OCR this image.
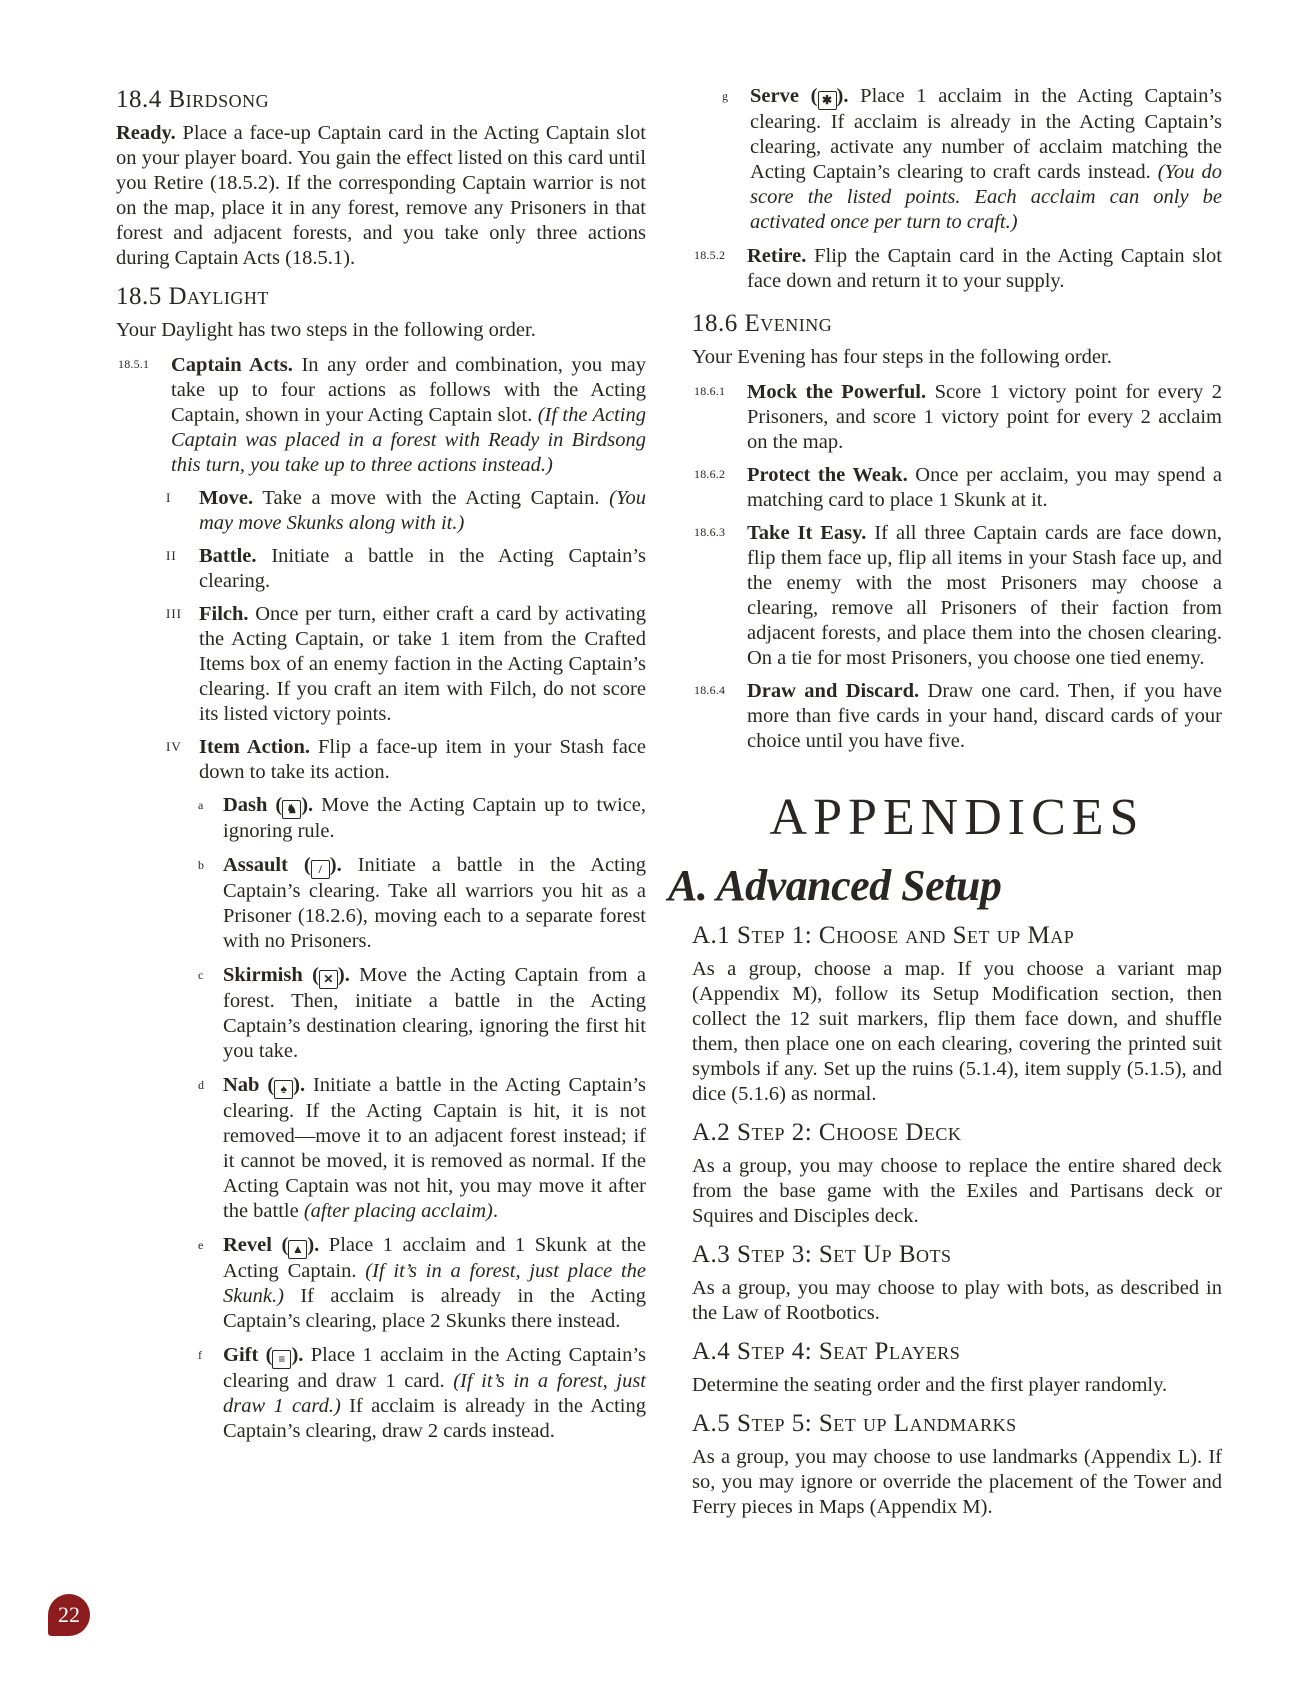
18.4 Birdsong

Ready. Place a face-up Captain card in the Acting Captain slot on your player board. You gain the effect listed on this card until you Retire (18.5.2). If the corresponding Captain warrior is not on the map, place it in any forest, remove any Prisoners in that forest and adjacent forests, and you take only three actions during Captain Acts (18.5.1).

18.5 Daylight

Your Daylight has two steps in the following order.

18.5.1 Captain Acts. In any order and combination, you may take up to four actions as follows with the Acting Captain, shown in your Acting Captain slot. (If the Acting Captain was placed in a forest with Ready in Birdsong this turn, you take up to three actions instead.)

I Move. Take a move with the Acting Captain. (You may move Skunks along with it.)

II Battle. Initiate a battle in the Acting Captain’s clearing.

III Filch. Once per turn, either craft a card by activating the Acting Captain, or take 1 item from the Crafted Items box of an enemy faction in the Acting Captain’s clearing. If you craft an item with Filch, do not score its listed victory points.

IV Item Action. Flip a face-up item in your Stash face down to take its action.

a Dash ( ♞ ). Move the Acting Captain up to twice, ignoring rule.

b Assault ( / ). Initiate a battle in the Acting Captain’s clearing. Take all warriors you hit as a Prisoner (18.2.6), moving each to a separate forest with no Prisoners.

c Skirmish ( ✕ ). Move the Acting Captain from a forest. Then, initiate a battle in the Acting Captain’s destination clearing, ignoring the first hit you take.

d Nab ( ♠ ). Initiate a battle in the Acting Captain’s clearing. If the Acting Captain is hit, it is not removed—move it to an adjacent forest instead; if it cannot be moved, it is removed as normal. If the Acting Captain was not hit, you may move it after the battle (after placing acclaim).

e Revel ( ▲ ). Place 1 acclaim and 1 Skunk at the Acting Captain. (If it’s in a forest, just place the Skunk.) If acclaim is already in the Acting Captain’s clearing, place 2 Skunks there instead.

f Gift ( ≡ ). Place 1 acclaim in the Acting Captain’s clearing and draw 1 card. (If it’s in a forest, just draw 1 card.) If acclaim is already in the Acting Captain’s clearing, draw 2 cards instead.

g Serve ( ✱ ). Place 1 acclaim in the Acting Captain’s clearing. If acclaim is already in the Acting Captain’s clearing, activate any number of acclaim matching the Acting Captain’s clearing to craft cards instead. (You do score the listed points. Each acclaim can only be activated once per turn to craft.)

18.5.2 Retire. Flip the Captain card in the Acting Captain slot face down and return it to your supply.

18.6 Evening

Your Evening has four steps in the following order.

18.6.1 Mock the Powerful. Score 1 victory point for every 2 Prisoners, and score 1 victory point for every 2 acclaim on the map.

18.6.2 Protect the Weak. Once per acclaim, you may spend a matching card to place 1 Skunk at it.

18.6.3 Take It Easy. If all three Captain cards are face down, flip them face up, flip all items in your Stash face up, and the enemy with the most Prisoners may choose a clearing, remove all Prisoners of their faction from adjacent forests, and place them into the chosen clearing. On a tie for most Prisoners, you choose one tied enemy.

18.6.4 Draw and Discard. Draw one card. Then, if you have more than five cards in your hand, discard cards of your choice until you have five.

APPENDICES
A. Advanced Setup
A.1 Step 1: Choose and Set up Map

As a group, choose a map. If you choose a variant map (Appendix M), follow its Setup Modification section, then collect the 12 suit markers, flip them face down, and shuffle them, then place one on each clearing, covering the printed suit symbols if any. Set up the ruins (5.1.4), item supply (5.1.5), and dice (5.1.6) as normal.

A.2 Step 2: Choose Deck

As a group, you may choose to replace the entire shared deck from the base game with the Exiles and Partisans deck or Squires and Disciples deck.

A.3 Step 3: Set Up Bots

As a group, you may choose to play with bots, as described in the Law of Rootbotics.

A.4 Step 4: Seat Players

Determine the seating order and the first player randomly.

A.5 Step 5: Set up Landmarks

As a group, you may choose to use landmarks (Appendix L). If so, you may ignore or override the placement of the Tower and Ferry pieces in Maps (Appendix M).

22
